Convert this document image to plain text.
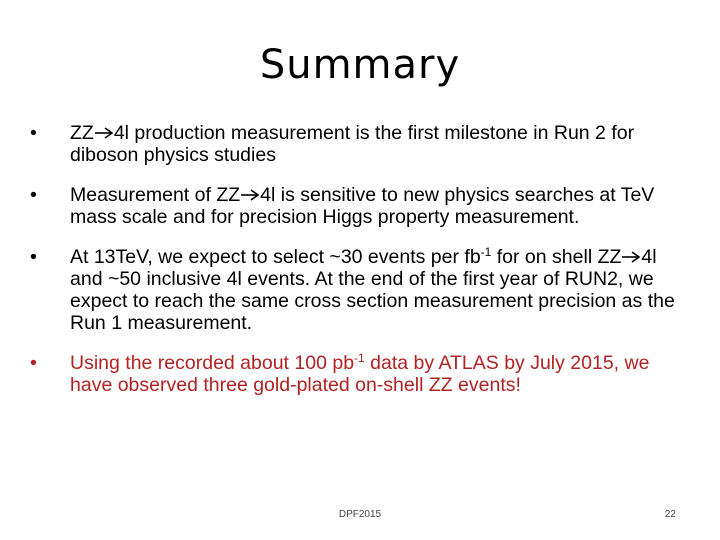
Summary
• ZZ 4l production measurement is the first milestone in Run 2 for diboson physics studies
• Measurement of ZZ 4l is sensitive to new physics searches at TeV mass scale and for precision Higgs property measurement.
• At 13TeV, we expect to select ~30 events per $fb^{-1}$ for on shell ZZ 4l and ~50 inclusive 4l events. At the end of the first year of RUN2, we expect to reach the same cross section measurement precision as the Run 1 measurement.
• Using the recorded about 100 $pb^{-1}$ data by ATLAS by July 2015, we have observed three gold-plated on-shell ZZ events!
DPF2015	22
